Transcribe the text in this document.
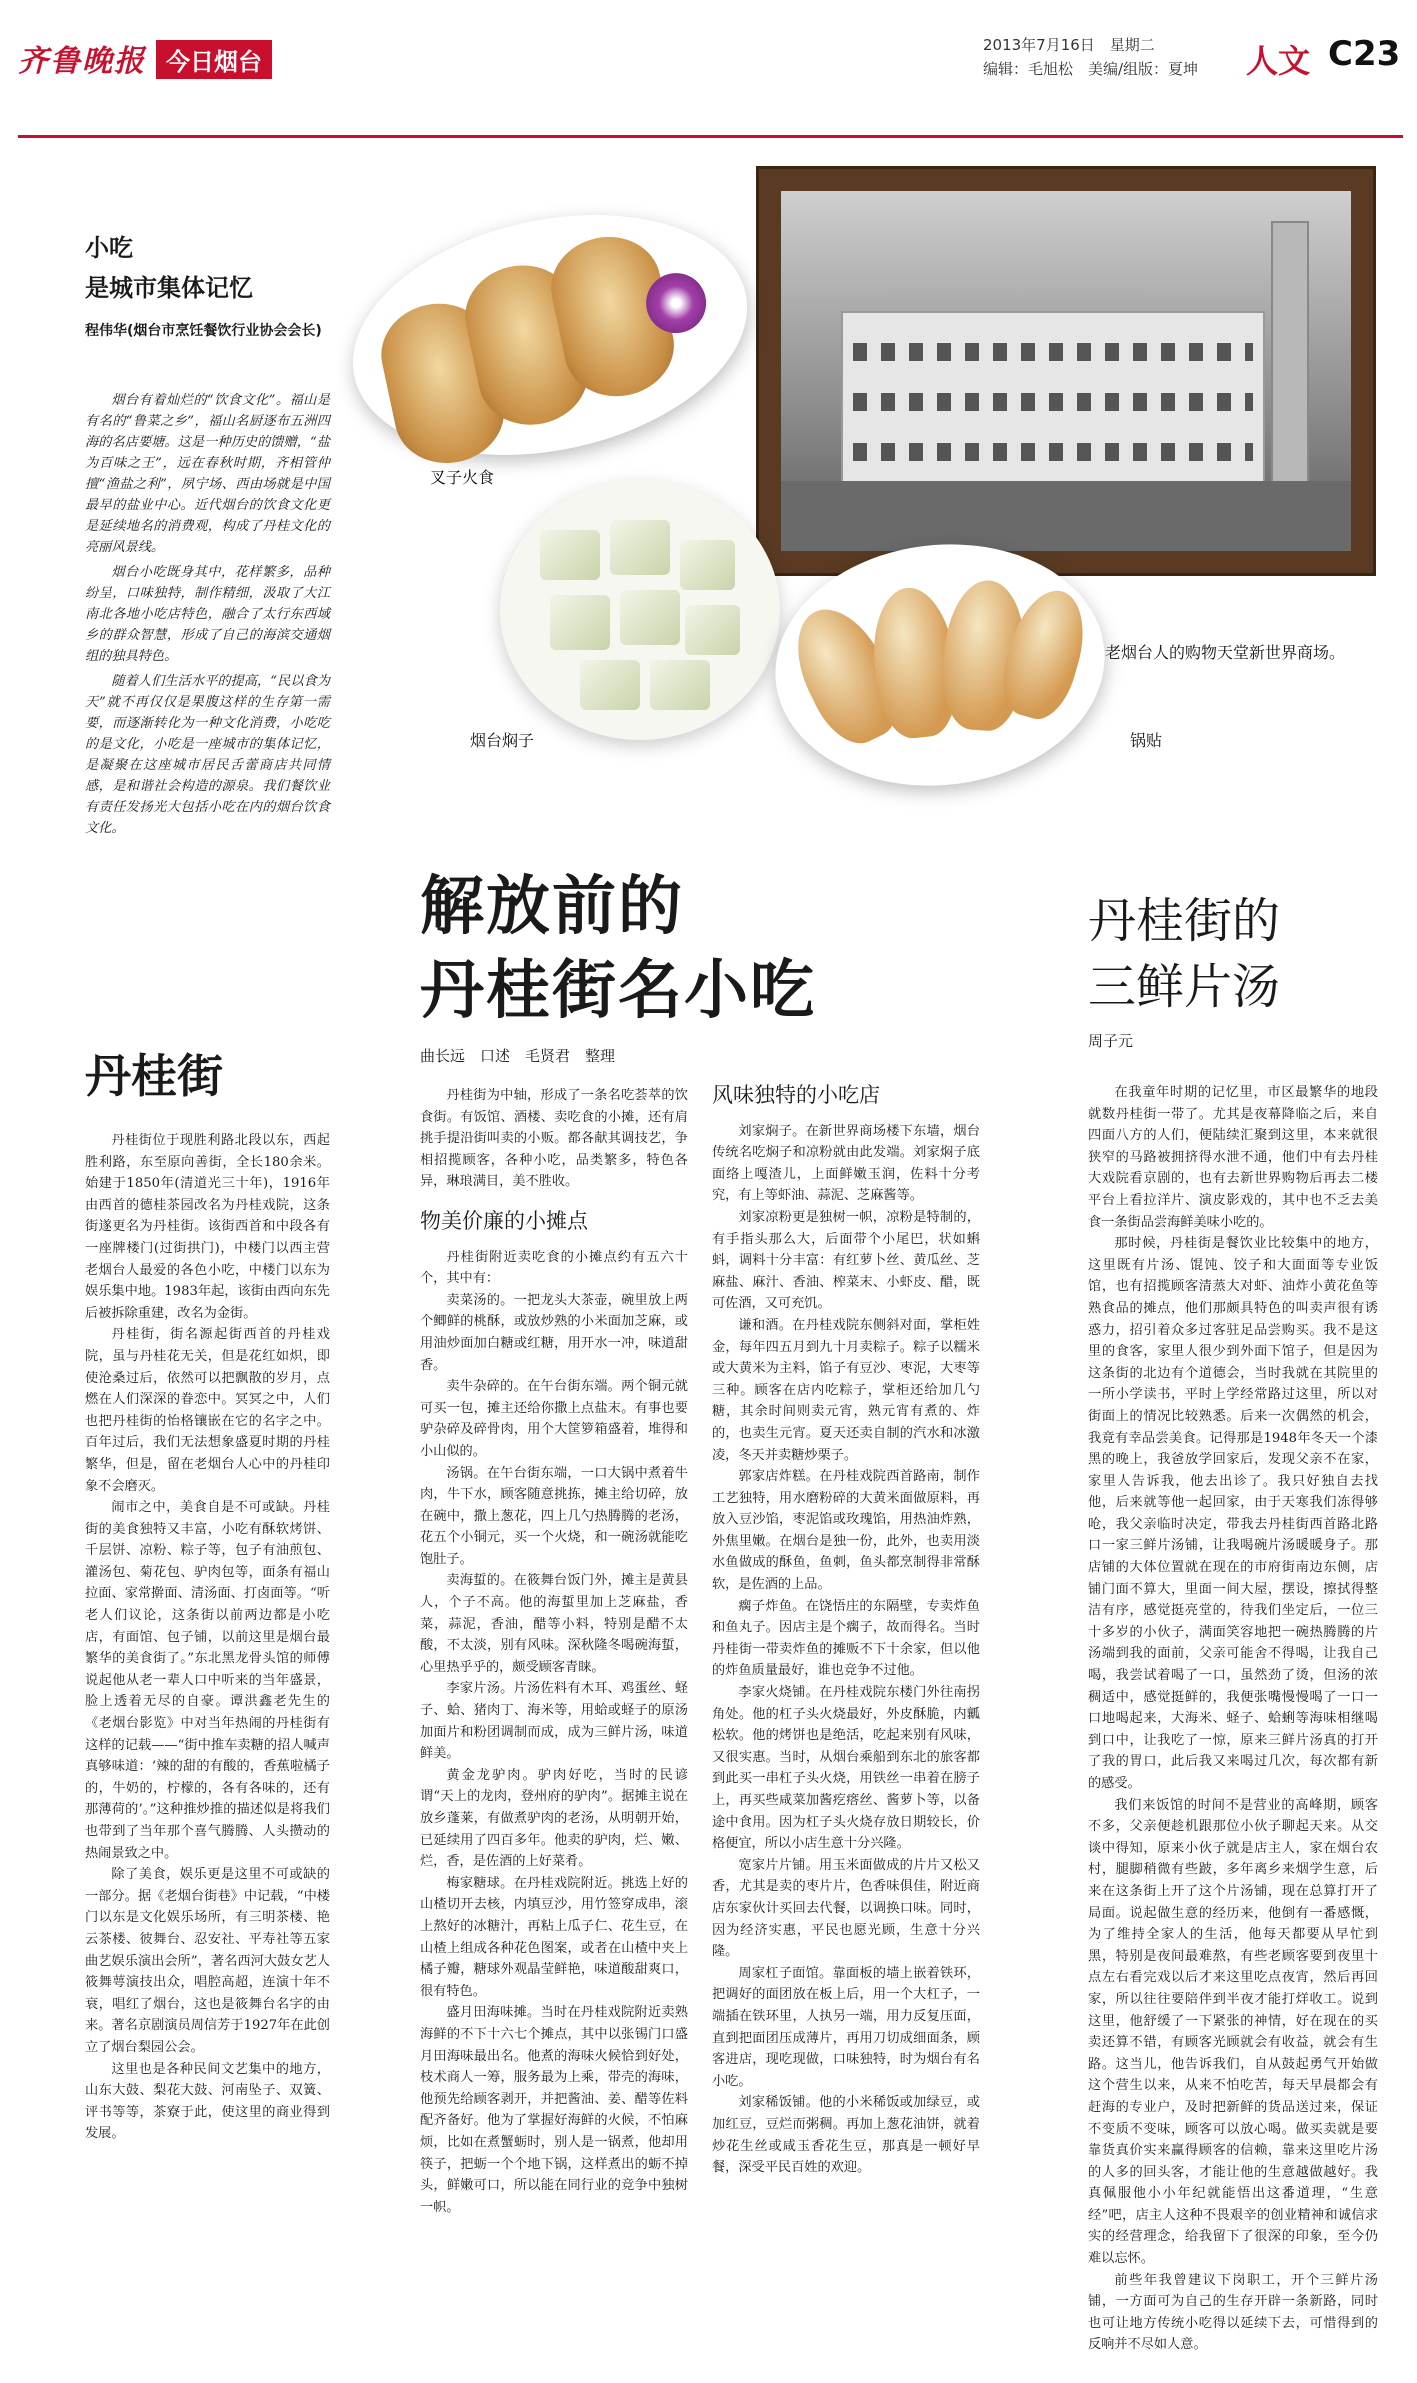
齐鲁晚报 今日烟台
2013年7月16日　星期二
编辑：毛旭松　美编/组版：夏坤 人文 C23
叉子火食
烟台焖子	锅贴
老烟台人的购物天堂新世界商场。
小吃
是城市集体记忆
程伟华(烟台市烹饪餐饮行业协会会长)

烟台有着灿烂的“饮食文化”。福山是有名的“鲁菜之乡”，福山名厨逐布五洲四海的名店要塘。这是一种历史的馈赠，“盐为百味之王”，远在春秋时期，齐相管仲擅“渔盐之利”，夙宁场、西由场就是中国最早的盐业中心。近代烟台的饮食文化更是延续地名的消费观，构成了丹桂文化的亮丽风景线。

烟台小吃既身其中，花样繁多，品种纷呈，口味独特，制作精细，汲取了大江南北各地小吃店特色，融合了太行东西域乡的群众智慧，形成了自己的海滨交通烟组的独具特色。

随着人们生活水平的提高，“民以食为天”就不再仅仅是果腹这样的生存第一需要，而逐渐转化为一种文化消费，小吃吃的是文化，小吃是一座城市的集体记忆，是凝聚在这座城市居民舌蕾商店共同情感，是和谐社会构造的源泉。我们餐饮业有责任发扬光大包括小吃在内的烟台饮食文化。

解放前的
丹桂街名小吃
曲长远　口述　毛贤君　整理
丹桂街的
三鲜片汤
周子元
丹桂街

丹桂街位于现胜利路北段以东，西起胜利路，东至原向善街，全长180余米。始建于1850年(清道光三十年)，1916年由西首的德桂茶园改名为丹桂戏院，这条街遂更名为丹桂街。该街西首和中段各有一座牌楼门(过街拱门)，中楼门以西主营老烟台人最爱的各色小吃，中楼门以东为娱乐集中地。1983年起，该街由西向东先后被拆除重建，改名为金街。

丹桂街，街名源起街西首的丹桂戏院，虽与丹桂花无关，但是花红如炽，即使沧桑过后，依然可以把飘散的岁月，点燃在人们深深的眷恋中。冥冥之中，人们也把丹桂街的怡格镶嵌在它的名字之中。百年过后，我们无法想象盛夏时期的丹桂繁华，但是，留在老烟台人心中的丹桂印象不会磨灭。

闹市之中，美食自是不可或缺。丹桂街的美食独特又丰富，小吃有酥软烤饼、千层饼、凉粉、粽子等，包子有油煎包、灌汤包、菊花包、驴肉包等，面条有福山拉面、家常擀面、清汤面、打卤面等。“听老人们议论，这条街以前两边都是小吃店，有面馆、包子铺，以前这里是烟台最繁华的美食街了。”东北黑龙骨头馆的师傅说起他从老一辈人口中听来的当年盛景，脸上透着无尽的自豪。谭洪鑫老先生的《老烟台影览》中对当年热闹的丹桂街有这样的记载——“街中推车卖糖的招人喊声真够味道：‘辣的甜的有酸的，香蕉啦橘子的，牛奶的，柠檬的，各有各味的，还有那薄荷的’。”这种推炒推的描述似是将我们也带到了当年那个喜气腾腾、人头攒动的热闹景致之中。

除了美食，娱乐更是这里不可或缺的一部分。据《老烟台街巷》中记载，“中楼门以东是文化娱乐场所，有三明茶楼、艳云茶楼、彼舞台、忍安社、平寿社等五家曲艺娱乐演出会所”，著名西河大鼓女艺人筱舞萼演技出众，唱腔高超，连演十年不衰，唱红了烟台，这也是筱舞台名字的由来。著名京剧演员周信芳于1927年在此创立了烟台梨园公会。

这里也是各种民间文艺集中的地方，山东大鼓、梨花大鼓、河南坠子、双簧、评书等等，茶寮于此，使这里的商业得到发展。

丹桂街为中轴，形成了一条名吃荟萃的饮食街。有饭馆、酒楼、卖吃食的小摊，还有肩挑手提沿街叫卖的小贩。都各献其调技艺，争相招揽顾客，各种小吃，品类繁多，特色各异，琳琅满目，美不胜收。

物美价廉的小摊点

丹桂街附近卖吃食的小摊点约有五六十个，其中有：

卖菜汤的。一把龙头大茶壶，碗里放上两个鲫鲜的桃酥，或放炒熟的小米面加芝麻，或用油炒面加白糖或红糖，用开水一冲，味道甜香。

卖牛杂碎的。在午台街东端。两个铜元就可买一包，摊主还给你撒上点盐末。有事也要驴杂碎及碎骨肉，用个大筐箩箱盛着，堆得和小山似的。

汤锅。在午台街东端，一口大锅中煮着牛肉，牛下水，顾客随意挑拣，摊主给切碎，放在碗中，撒上葱花，四上几勺热腾腾的老汤，花五个小铜元，买一个火烧，和一碗汤就能吃饱肚子。

卖海蜇的。在筱舞台饭门外，摊主是黄县人，个子不高。他的海蜇里加上芝麻盐，香菜，蒜泥，香油，醋等小料，特别是醋不太酸，不太淡，别有风味。深秋隆冬喝碗海蜇，心里热乎乎的，颇受顾客青睐。

李家片汤。片汤佐料有木耳、鸡蛋丝、蛏子、蛤、猪肉丁、海米等，用蛤或蛏子的原汤加面片和粉团调制而成，成为三鲜片汤，味道鲜美。

黄金龙驴肉。驴肉好吃，当时的民谚谓“天上的龙肉，登州府的驴肉”。据摊主说在放乡蓬莱，有做煮驴肉的老汤，从明朝开始，已延续用了四百多年。他卖的驴肉，烂、嫩、烂，香，是佐酒的上好菜肴。

梅家糖球。在丹桂戏院附近。挑选上好的山楂切开去核，内填豆沙，用竹签穿成串，滚上熬好的冰糖汁，再粘上瓜子仁、花生豆，在山楂上组成各种花色图案，或者在山楂中夹上橘子瓣，糖球外观晶莹鲜艳，味道酸甜爽口，很有特色。

盛月田海味摊。当时在丹桂戏院附近卖熟海鲜的不下十六七个摊点，其中以张锡门口盛月田海味最出名。他煮的海味火候恰到好处，枝术商人一筹，服务最为上乘，带壳的海味，他预先给顾客剥开，并把酱油、姜、醋等佐料配齐备好。他为了掌握好海鲜的火候，不怕麻烦，比如在煮蟹蛎时，别人是一锅煮，他却用筷子，把蛎一个个地下锅，这样煮出的蛎不掉头，鲜嫩可口，所以能在同行业的竞争中独树一帜。

风味独特的小吃店

刘家焖子。在新世界商场楼下东墙，烟台传统名吃焖子和凉粉就由此发端。刘家焖子底面络上嘎渣儿，上面鲜嫩玉润，佐料十分考究，有上等虾油、蒜泥、芝麻酱等。

刘家凉粉更是独树一帜，凉粉是特制的，有手指头那么大，后面带个小尾巴，状如蝌蚪，调料十分丰富：有红萝卜丝、黄瓜丝、芝麻盐、麻汁、香油、榨菜末、小虾皮、醋，既可佐酒，又可充饥。

谦和酒。在丹桂戏院东侧斜对面，掌柜姓金，每年四五月到九十月卖粽子。粽子以糯米或大黄米为主料，馅子有豆沙、枣泥，大枣等三种。顾客在店内吃粽子，掌柜还给加几勺糖，其余时间则卖元宵，熟元宵有煮的、炸的，也卖生元宵。夏天还卖自制的汽水和冰激凌，冬天并卖糖炒栗子。

郭家店炸糕。在丹桂戏院西首路南，制作工艺独特，用水磨粉碎的大黄米面做原料，再放入豆沙馅，枣泥馅或玫瑰馅，用热油炸熟，外焦里嫩。在烟台是独一份，此外，也卖用淡水鱼做成的酥鱼，鱼刺，鱼头都烹制得非常酥软，是佐酒的上品。

瘸子炸鱼。在饶悟庄的东隔壁，专卖炸鱼和鱼丸子。因店主是个瘸子，故而得名。当时丹桂街一带卖炸鱼的摊贩不下十余家，但以他的炸鱼质量最好，谁也竞争不过他。

李家火烧铺。在丹桂戏院东楼门外往南拐角处。他的杠子头火烧最好，外皮酥脆，内瓤松软。他的烤饼也是绝活，吃起来别有风味，又很实惠。当时，从烟台乘船到东北的旅客都到此买一串杠子头火烧，用铁丝一串着在膀子上，再买些咸菜加酱疙瘩丝、酱萝卜等，以备途中食用。因为杠子头火烧存放日期较长，价格便宜，所以小店生意十分兴隆。

宽家片片铺。用玉米面做成的片片又松又香，尤其是卖的枣片片，色香味俱佳，附近商店东家伙计买回去代餐，以调换口味。同时，因为经济实惠，平民也愿光顾，生意十分兴隆。

周家杠子面馆。靠面板的墙上嵌着铁环，把调好的面团放在板上后，用一个大杠子，一端插在铁环里，人执另一端，用力反复压面，直到把面团压成薄片，再用刀切成细面条，顾客进店，现吃现做，口味独特，时为烟台有名小吃。

刘家稀饭铺。他的小米稀饭或加绿豆，或加红豆，豆烂而粥稠。再加上葱花油饼，就着炒花生丝或咸玉香花生豆，那真是一顿好早餐，深受平民百姓的欢迎。

在我童年时期的记忆里，市区最繁华的地段就数丹桂街一带了。尤其是夜幕降临之后，来自四面八方的人们，便陆续汇聚到这里，本来就很狭窄的马路被拥挤得水泄不通，他们中有去丹桂大戏院看京剧的，也有去新世界购物后再去二楼平台上看拉洋片、演皮影戏的，其中也不乏去美食一条街品尝海鲜美味小吃的。

那时候，丹桂街是餐饮业比较集中的地方，这里既有片汤、馄饨、饺子和大面面等专业饭馆，也有招揽顾客清蒸大对虾、油炸小黄花鱼等熟食品的摊点，他们那颇具特色的叫卖声很有诱惑力，招引着众多过客驻足品尝购买。我不是这里的食客，家里人很少到外面下馆子，但是因为这条街的北边有个道德会，当时我就在其院里的一所小学读书，平时上学经常路过这里，所以对街面上的情况比较熟悉。后来一次偶然的机会，我竟有幸品尝美食。记得那是1948年冬天一个漆黑的晚上，我爸放学回家后，发现父亲不在家，家里人告诉我，他去出诊了。我只好独自去找他，后来就等他一起回家，由于天寒我们冻得够呛，我父亲临时决定，带我去丹桂街西首路北路口一家三鲜片汤铺，让我喝碗片汤暖暖身子。那店铺的大体位置就在现在的市府街南边东侧，店铺门面不算大，里面一间大屋，摆设，擦拭得整洁有序，感觉挺亮堂的，待我们坐定后，一位三十多岁的小伙子，满面笑容地把一碗热腾腾的片汤端到我的面前，父亲可能舍不得喝，让我自己喝，我尝试着喝了一口，虽然劲了烫，但汤的浓稠适中，感觉挺鲜的，我便张嘴慢慢喝了一口一口地喝起来，大海米、蛏子、蛤蜊等海味相继喝到口中，让我吃了一惊，原来三鲜片汤真的打开了我的胃口，此后我又来喝过几次，每次都有新的感受。

我们来饭馆的时间不是营业的高峰期，顾客不多，父亲便趁机跟那位小伙子聊起天来。从交谈中得知，原来小伙子就是店主人，家在烟台农村，腿脚稍微有些跛，多年离乡来烟学生意，后来在这条街上开了这个片汤铺，现在总算打开了局面。说起做生意的经历来，他倒有一番感慨，为了维持全家人的生活，他每天都要从早忙到黑，特别是夜间最难熬，有些老顾客要到夜里十点左右看完戏以后才来这里吃点夜宵，然后再回家，所以往往要陪伴到半夜才能打烊收工。说到这里，他舒缓了一下紧张的神情，好在现在的买卖还算不错，有顾客光顾就会有收益，就会有生路。这当儿，他告诉我们，自从鼓起勇气开始做这个营生以来，从来不怕吃苦，每天早晨都会有赶海的专业户，及时把新鲜的货品送过来，保证不变质不变味，顾客可以放心喝。做买卖就是要靠货真价实来赢得顾客的信赖，靠来这里吃片汤的人多的回头客，才能让他的生意越做越好。我真佩服他小小年纪就能悟出这番道理，“生意经”吧，店主人这种不畏艰辛的创业精神和诚信求实的经营理念，给我留下了很深的印象，至今仍难以忘怀。

前些年我曾建议下岗职工，开个三鲜片汤铺，一方面可为自己的生存开辟一条新路，同时也可让地方传统小吃得以延续下去，可惜得到的反响并不尽如人意。
